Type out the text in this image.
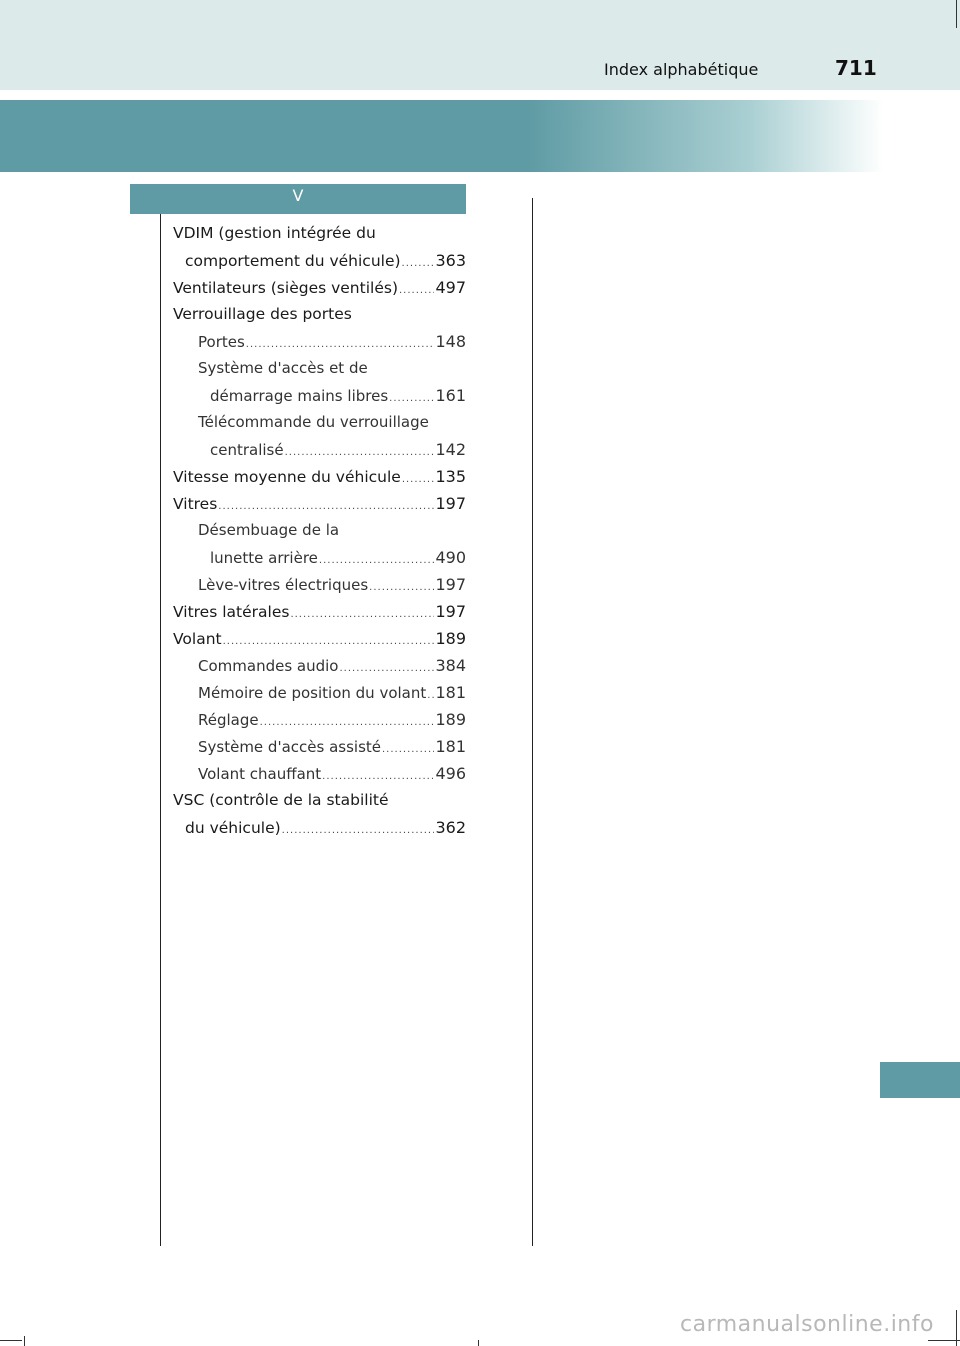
Index alphabétique	711
V
VDIM (gestion intégrée du
comportement du véhicule) ..... 363
Ventilateurs (sièges ventilés) ..... 497
Verrouillage des portes
Portes .....	148
Système d'accès et de
démarrage mains libres .....	161
Télécommande du verrouillage
centralisé .....	142
Vitesse moyenne du véhicule ..... 135
Vitres .....	197
Désembuage de la
lunette arrière .....	490
Lève-vitres électriques .....	197
Vitres latérales .....	197
Volant .....	189
Commandes audio .....	384
Mémoire de position du volant ..... 181
Réglage .....	189
Système d'accès assisté .....	181
Volant chauffant .....	496
VSC (contrôle de la stabilité
du véhicule) .....	362
carmanualsonline.info
